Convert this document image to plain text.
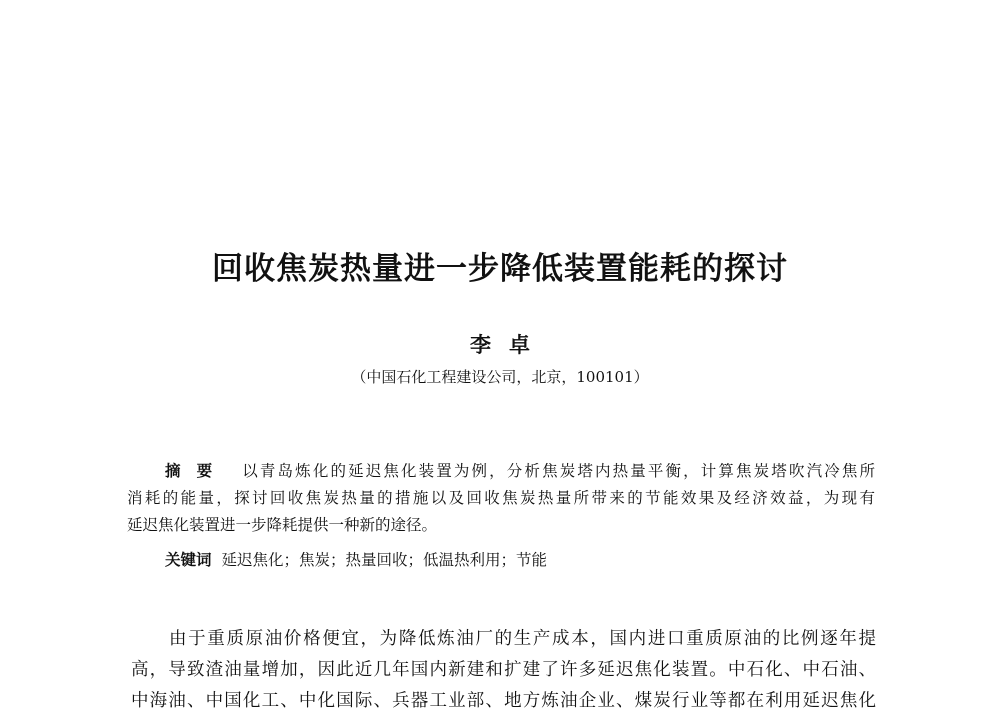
回收焦炭热量进一步降低装置能耗的探讨
李卓
（中国石化工程建设公司，北京，100101）
摘要 以青岛炼化的延迟焦化装置为例，分析焦炭塔内热量平衡，计算焦炭塔吹汽冷焦所
消耗的能量，探讨回收焦炭热量的措施以及回收焦炭热量所带来的节能效果及经济效益，为现有
延迟焦化装置进一步降耗提供一种新的途径。
关键词 延迟焦化；焦炭；热量回收；低温热利用；节能
由于重质原油价格便宜，为降低炼油厂的生产成本，国内进口重质原油的比例逐年提
高，导致渣油量增加，因此近几年国内新建和扩建了许多延迟焦化装置。中石化、中石油、
中海油、中国化工、中化国际、兵器工业部、地方炼油企业、煤炭行业等都在利用延迟焦化
